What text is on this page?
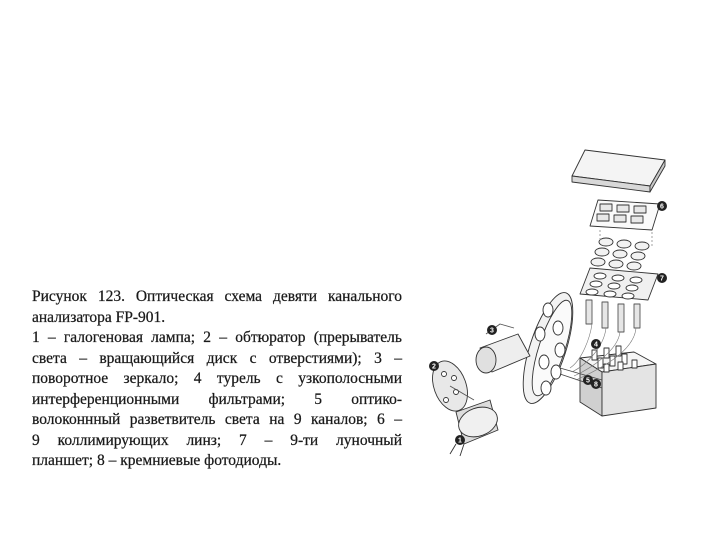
Рисунок 123. Оптическая схема девяти канального
анализатора FP-901.
1 – галогеновая лампа; 2 – обтюратор (прерыватель
света – вращающийся диск с отверстиями); 3 –
поворотное зеркало; 4 турель с узкополосными
интерференционными фильтрами; 5 оптико-
волоконнный разветвитель света на 9 каналов; 6 –
9 коллимирующих линз; 7 – 9-ти луночный
планшет; 8 – кремниевые фотодиоды.
1
2
3
4
5
6
7
8
